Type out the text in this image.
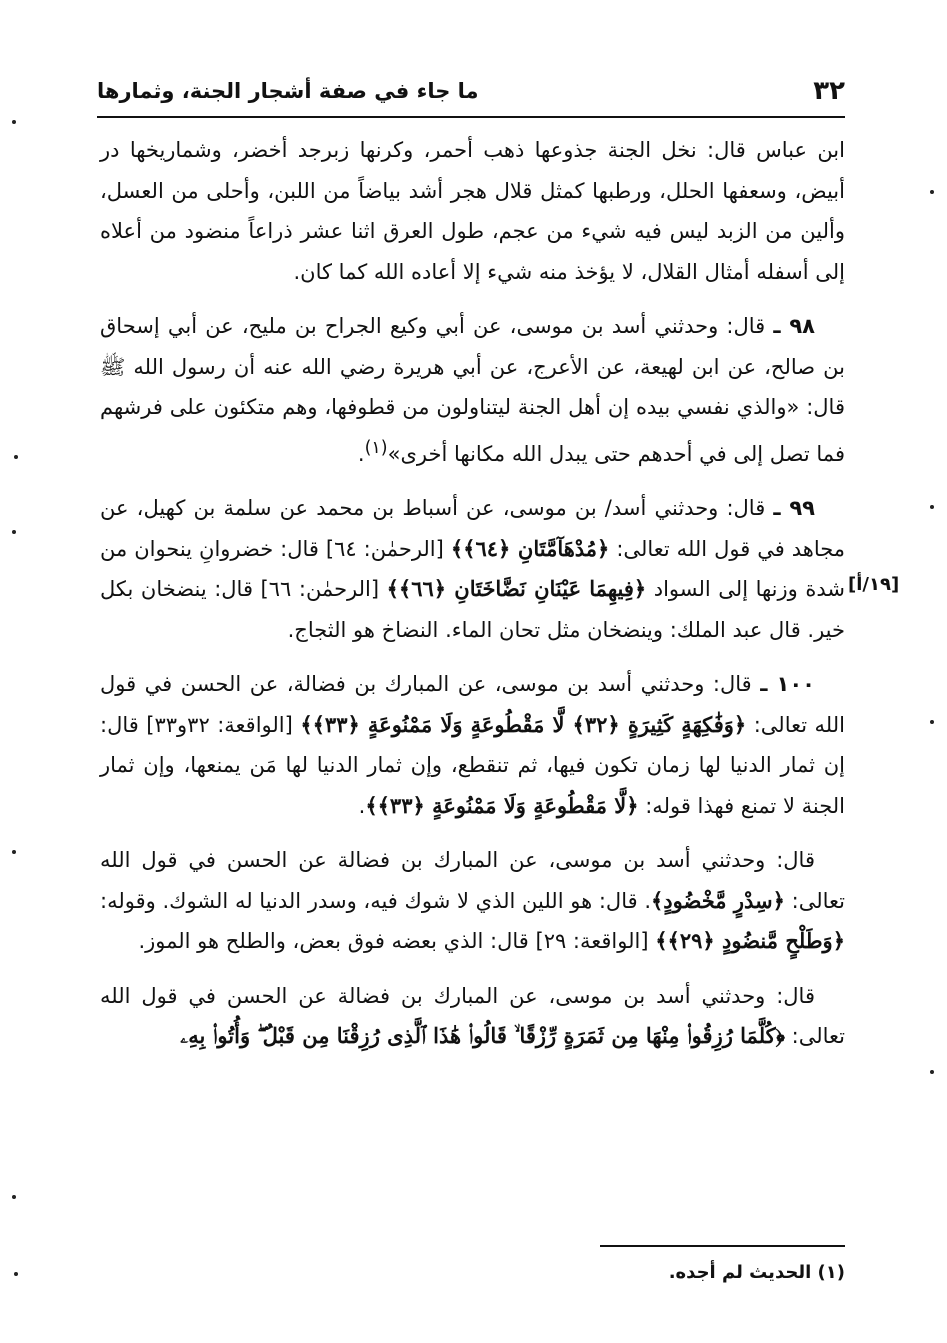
٣٢
ما جاء في صفة أشجار الجنة، وثمارها
[١٩/أ]

ابن عباس قال: نخل الجنة جذوعها ذهب أحمر، وكرنها زبرجد أخضر، وشماريخها در أبيض، وسعفها الحلل، ورطبها كمثل قلال هجر أشد بياضاً من اللبن، وأحلى من العسل، وألين من الزبد ليس فيه شيء من عجم، طول العرق اثنا عشر ذراعاً منضود من أعلاه إلى أسفله أمثال القلال، لا يؤخذ منه شيء إلا أعاده الله كما كان.

٩٨ ـ قال: وحدثني أسد بن موسى، عن أبي وكيع الجراح بن مليح، عن أبي إسحاق بن صالح، عن ابن لهيعة، عن الأعرج، عن أبي هريرة رضي الله عنه أن رسول الله ﷺ قال: «والذي نفسي بيده إن أهل الجنة ليتناولون من قطوفها، وهم متكئون على فرشهم فما تصل إلى في أحدهم حتى يبدل الله مكانها أخرى»$^{(١)}$.

٩٩ ـ قال: وحدثني أسد/ بن موسى، عن أسباط بن محمد عن سلمة بن كهيل، عن مجاهد في قول الله تعالى: ﴿مُدْهَآمَّتَانِ ﴿٦٤﴾﴾ [الرحمٰن: ٦٤] قال: خضروانِ ينحوان من شدة وزنها إلى السواد ﴿فِيهِمَا عَيْنَانِ نَضَّاخَتَانِ ﴿٦٦﴾﴾ [الرحمٰن: ٦٦] قال: ينضخان بكل خير. قال عبد الملك: وينضخان مثل تحان الماء. النضاخ هو الثجاج.

١٠٠ ـ قال: وحدثني أسد بن موسى، عن المبارك بن فضالة، عن الحسن في قول الله تعالى: ﴿وَفَٰكِهَةٍ كَثِيرَةٍ ﴿٣٢﴾ لَّا مَقْطُوعَةٍ وَلَا مَمْنُوعَةٍ ﴿٣٣﴾﴾ [الواقعة: ٣٢و٣٣] قال: إن ثمار الدنيا لها زمان تكون فيها، ثم تنقطع، وإن ثمار الدنيا لها مَن يمنعها، وإن ثمار الجنة لا تمنع فهذا قوله: ﴿لَّا مَقْطُوعَةٍ وَلَا مَمْنُوعَةٍ ﴿٣٣﴾﴾.

قال: وحدثني أسد بن موسى، عن المبارك بن فضالة عن الحسن في قول الله تعالى: ﴿سِدْرٍ مَّخْضُودٍ﴾. قال: هو اللين الذي لا شوك فيه، وسدر الدنيا له الشوك. وقوله: ﴿وَطَلْحٍ مَّنضُودٍ ﴿٢٩﴾﴾ [الواقعة: ٢٩] قال: الذي بعضه فوق بعض، والطلح هو الموز.

قال: وحدثني أسد بن موسى، عن المبارك بن فضالة عن الحسن في قول الله تعالى: ﴿كُلَّمَا رُزِقُوا۟ مِنْهَا مِن ثَمَرَةٍ رِّزْقًا ۙ قَالُوا۟ هَٰذَا ٱلَّذِى رُزِقْنَا مِن قَبْلُ ۖ وَأُتُوا۟ بِهِۦ

(١) الحديث لم أجده.
